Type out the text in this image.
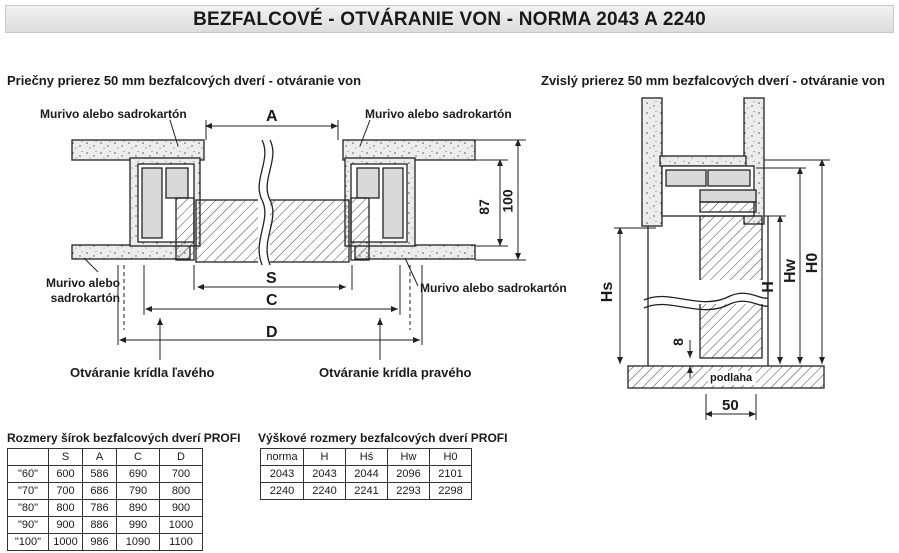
BEZFALCOVÉ - OTVÁRANIE VON - NORMA 2043 A 2240
Priečny prierez 50 mm bezfalcových dverí - otváranie von	Zvislý prierez 50 mm bezfalcových dverí - otváranie von
Murivo alebo sadrokartón	Murivo alebo sadrokartón
Murivo alebo
sadrokartón
Murivo alebo sadrokartón
Otváranie krídla ľavého	Otváranie krídla pravého
A
S
C
D
87 100
Hs	H
Hw H0
8
50
podlaha
Rozmery šírok bezfalcových dverí PROFI
	S	A	C	D
"60"	600	586	690	700
"70"	700	686	790	800
"80"	800	786	890	900
"90"	900	886	990	1000
"100"	1000	986	1090	1100
Výškové rozmery bezfalcových dverí PROFI
norma	H	Hś	Hw	H0
2043	2043	2044	2096	2101
2240	2240	2241	2293	2298
